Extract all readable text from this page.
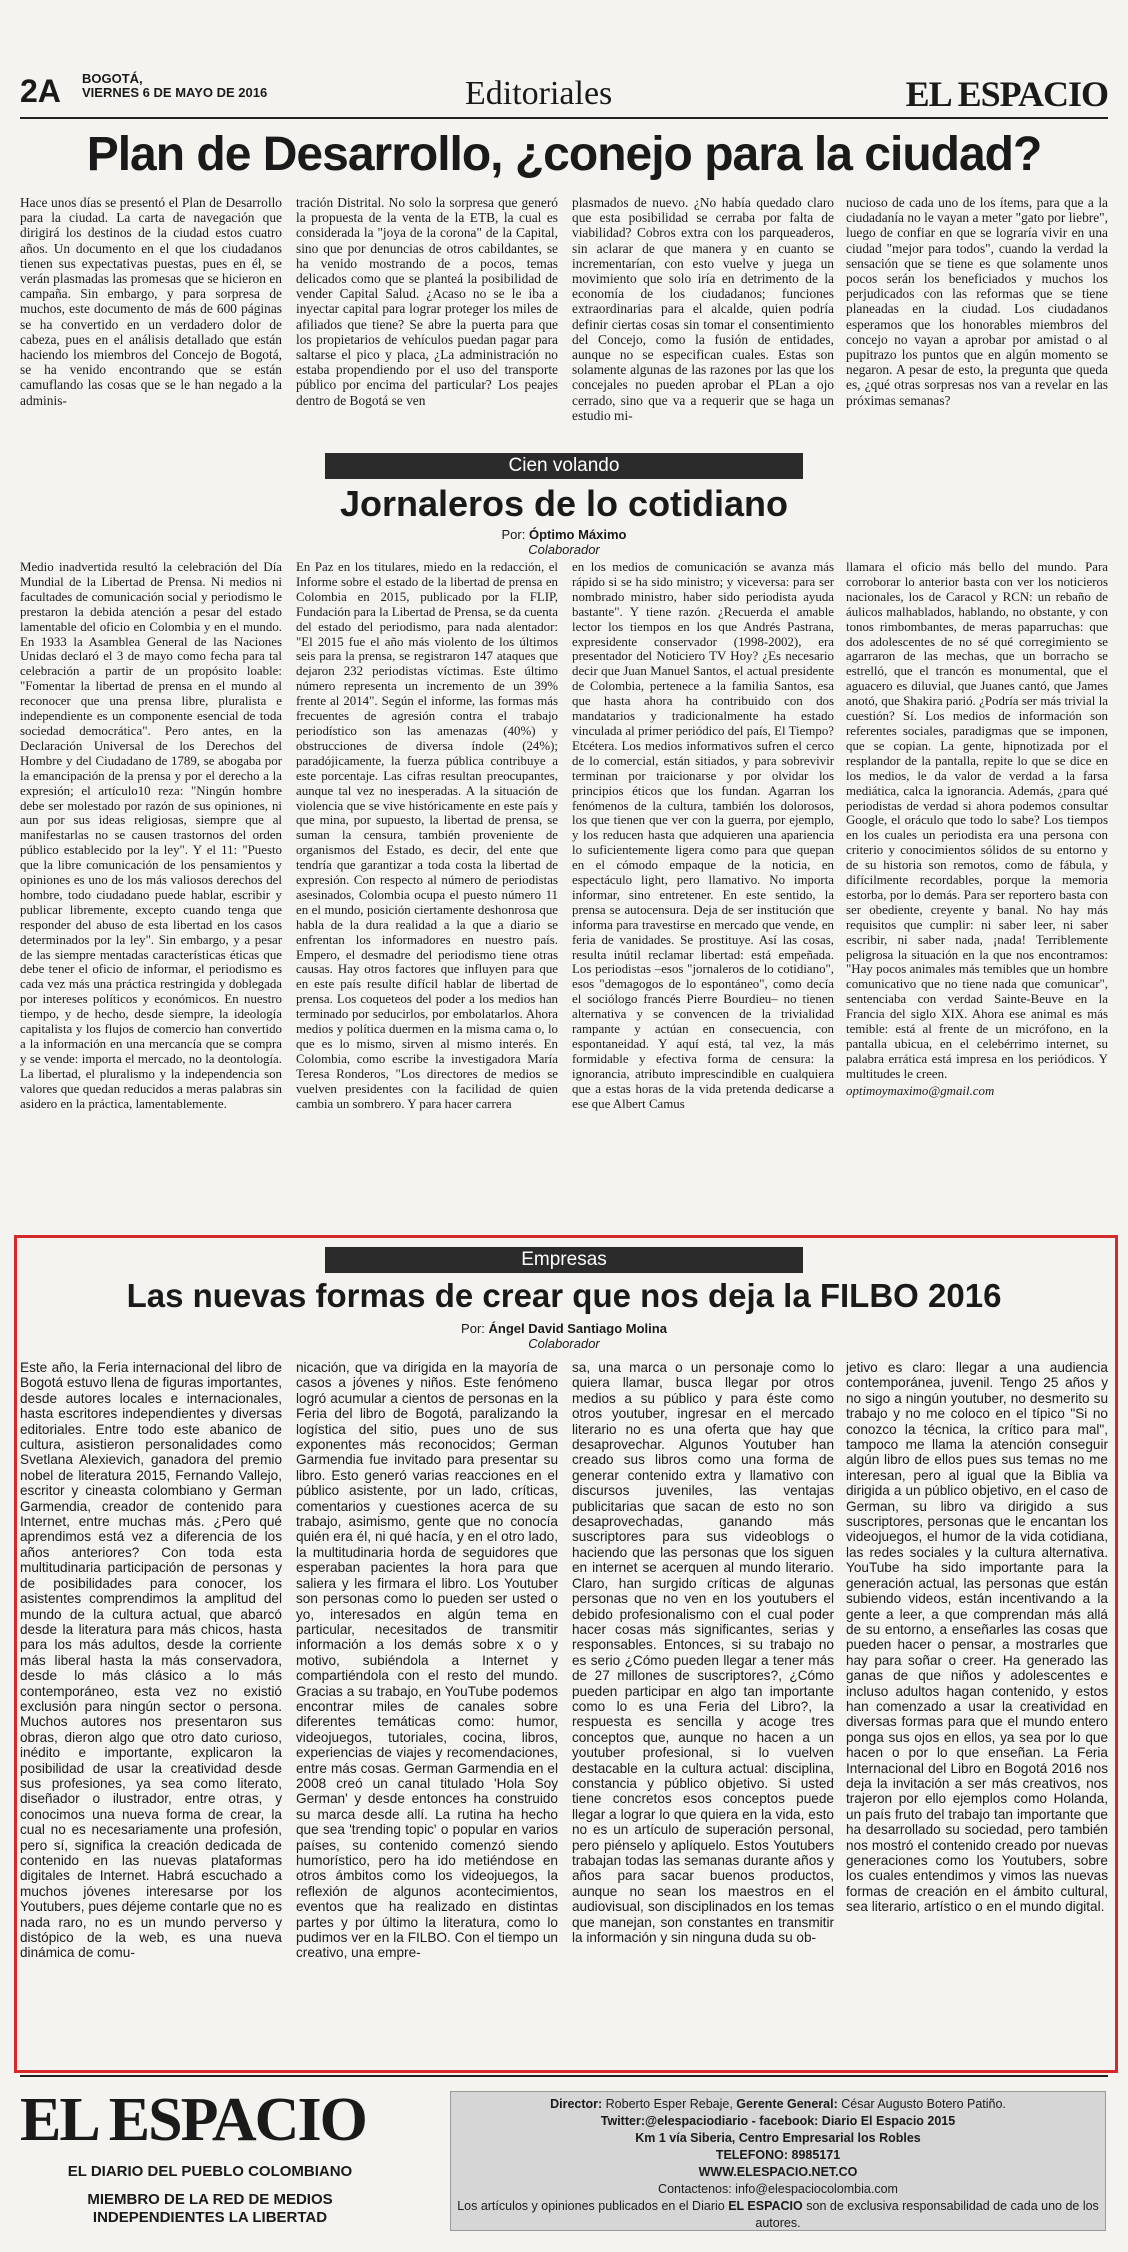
2A BOGOTÁ,
VIERNES 6 DE MAYO DE 2016	Editoriales	EL ESPACIO
Plan de Desarrollo, ¿conejo para la ciudad?

Hace unos días se presentó el Plan de Desarrollo para la ciudad. La carta de navegación que dirigirá los destinos de la ciudad estos cuatro años. Un documento en el que los ciudadanos tienen sus expectativas puestas, pues en él, se verán plasmadas las promesas que se hicieron en campaña. Sin embargo, y para sorpresa de muchos, este documento de más de 600 páginas se ha convertido en un verdadero dolor de cabeza, pues en el análisis detallado que están haciendo los miembros del Concejo de Bogotá, se ha venido encontrando que se están camuflando las cosas que se le han negado a la adminis-

tración Distrital. No solo la sorpresa que generó la propuesta de la venta de la ETB, la cual es considerada la "joya de la corona" de la Capital, sino que por denuncias de otros cabildantes, se ha venido mostrando de a pocos, temas delicados como que se planteá la posibilidad de vender Capital Salud. ¿Acaso no se le iba a inyectar capital para lograr proteger los miles de afiliados que tiene? Se abre la puerta para que los propietarios de vehículos puedan pagar para saltarse el pico y placa, ¿La administración no estaba propendiendo por el uso del transporte público por encima del particular? Los peajes dentro de Bogotá se ven

plasmados de nuevo. ¿No había quedado claro que esta posibilidad se cerraba por falta de viabilidad? Cobros extra con los parqueaderos, sin aclarar de que manera y en cuanto se incrementarían, con esto vuelve y juega un movimiento que solo iría en detrimento de la economía de los ciudadanos; funciones extraordinarias para el alcalde, quien podría definir ciertas cosas sin tomar el consentimiento del Concejo, como la fusión de entidades, aunque no se especifican cuales. Estas son solamente algunas de las razones por las que los concejales no pueden aprobar el PLan a ojo cerrado, sino que va a requerir que se haga un estudio mi-

nucioso de cada uno de los ítems, para que a la ciudadanía no le vayan a meter "gato por liebre", luego de confiar en que se lograría vivir en una ciudad "mejor para todos", cuando la verdad la sensación que se tiene es que solamente unos pocos serán los beneficiados y muchos los perjudicados con las reformas que se tiene planeadas en la ciudad. Los ciudadanos esperamos que los honorables miembros del concejo no vayan a aprobar por amistad o al pupitrazo los puntos que en algún momento se negaron. A pesar de esto, la pregunta que queda es, ¿qué otras sorpresas nos van a revelar en las próximas semanas?

Cien volando
Jornaleros de lo cotidiano
Por: Óptimo Máximo
Colaborador

Medio inadvertida resultó la celebración del Día Mundial de la Libertad de Prensa. Ni medios ni facultades de comunicación social y periodismo le prestaron la debida atención a pesar del estado lamentable del oficio en Colombia y en el mundo. En 1933 la Asamblea General de las Naciones Unidas declaró el 3 de mayo como fecha para tal celebración a partir de un propósito loable: "Fomentar la libertad de prensa en el mundo al reconocer que una prensa libre, pluralista e independiente es un componente esencial de toda sociedad democrática". Pero antes, en la Declaración Universal de los Derechos del Hombre y del Ciudadano de 1789, se abogaba por la emancipación de la prensa y por el derecho a la expresión; el artículo10 reza: "Ningún hombre debe ser molestado por razón de sus opiniones, ni aun por sus ideas religiosas, siempre que al manifestarlas no se causen trastornos del orden público establecido por la ley". Y el 11: "Puesto que la libre comunicación de los pensamientos y opiniones es uno de los más valiosos derechos del hombre, todo ciudadano puede hablar, escribir y publicar libremente, excepto cuando tenga que responder del abuso de esta libertad en los casos determinados por la ley". Sin embargo, y a pesar de las siempre mentadas características éticas que debe tener el oficio de informar, el periodismo es cada vez más una práctica restringida y doblegada por intereses políticos y económicos. En nuestro tiempo, y de hecho, desde siempre, la ideología capitalista y los flujos de comercio han convertido a la información en una mercancía que se compra y se vende: importa el mercado, no la deontología. La libertad, el pluralismo y la independencia son valores que quedan reducidos a meras palabras sin asidero en la práctica, lamentablemente.

En Paz en los titulares, miedo en la redacción, el Informe sobre el estado de la libertad de prensa en Colombia en 2015, publicado por la FLIP, Fundación para la Libertad de Prensa, se da cuenta del estado del periodismo, para nada alentador: "El 2015 fue el año más violento de los últimos seis para la prensa, se registraron 147 ataques que dejaron 232 periodistas víctimas. Este último número representa un incremento de un 39% frente al 2014". Según el informe, las formas más frecuentes de agresión contra el trabajo periodístico son las amenazas (40%) y obstrucciones de diversa índole (24%); paradójicamente, la fuerza pública contribuye a este porcentaje. Las cifras resultan preocupantes, aunque tal vez no inesperadas. A la situación de violencia que se vive históricamente en este país y que mina, por supuesto, la libertad de prensa, se suman la censura, también proveniente de organismos del Estado, es decir, del ente que tendría que garantizar a toda costa la libertad de expresión. Con respecto al número de periodistas asesinados, Colombia ocupa el puesto número 11 en el mundo, posición ciertamente deshonrosa que habla de la dura realidad a la que a diario se enfrentan los informadores en nuestro país. Empero, el desmadre del periodismo tiene otras causas. Hay otros factores que influyen para que en este país resulte difícil hablar de libertad de prensa. Los coqueteos del poder a los medios han terminado por seducirlos, por embolatarlos. Ahora medios y política duermen en la misma cama o, lo que es lo mismo, sirven al mismo interés. En Colombia, como escribe la investigadora María Teresa Ronderos, "Los directores de medios se vuelven presidentes con la facilidad de quien cambia un sombrero. Y para hacer carrera

en los medios de comunicación se avanza más rápido si se ha sido ministro; y viceversa: para ser nombrado ministro, haber sido periodista ayuda bastante". Y tiene razón. ¿Recuerda el amable lector los tiempos en los que Andrés Pastrana, expresidente conservador (1998-2002), era presentador del Noticiero TV Hoy? ¿Es necesario decir que Juan Manuel Santos, el actual presidente de Colombia, pertenece a la familia Santos, esa que hasta ahora ha contribuido con dos mandatarios y tradicionalmente ha estado vinculada al primer periódico del país, El Tiempo? Etcétera. Los medios informativos sufren el cerco de lo comercial, están sitiados, y para sobrevivir terminan por traicionarse y por olvidar los principios éticos que los fundan. Agarran los fenómenos de la cultura, también los dolorosos, los que tienen que ver con la guerra, por ejemplo, y los reducen hasta que adquieren una apariencia lo suficientemente ligera como para que quepan en el cómodo empaque de la noticia, en espectáculo light, pero llamativo. No importa informar, sino entretener. En este sentido, la prensa se autocensura. Deja de ser institución que informa para travestirse en mercado que vende, en feria de vanidades. Se prostituye. Así las cosas, resulta inútil reclamar libertad: está empeñada. Los periodistas –esos "jornaleros de lo cotidiano", esos "demagogos de lo espontáneo", como decía el sociólogo francés Pierre Bourdieu– no tienen alternativa y se convencen de la trivialidad rampante y actúan en consecuencia, con espontaneidad. Y aquí está, tal vez, la más formidable y efectiva forma de censura: la ignorancia, atributo imprescindible en cualquiera que a estas horas de la vida pretenda dedicarse a ese que Albert Camus

llamara el oficio más bello del mundo. Para corroborar lo anterior basta con ver los noticieros nacionales, los de Caracol y RCN: un rebaño de áulicos malhablados, hablando, no obstante, y con tonos rimbombantes, de meras paparruchas: que dos adolescentes de no sé qué corregimiento se agarraron de las mechas, que un borracho se estrelló, que el trancón es monumental, que el aguacero es diluvial, que Juanes cantó, que James anotó, que Shakira parió. ¿Podría ser más trivial la cuestión? Sí. Los medios de información son referentes sociales, paradigmas que se imponen, que se copian. La gente, hipnotizada por el resplandor de la pantalla, repite lo que se dice en los medios, le da valor de verdad a la farsa mediática, calca la ignorancia. Además, ¿para qué periodistas de verdad si ahora podemos consultar Google, el oráculo que todo lo sabe? Los tiempos en los cuales un periodista era una persona con criterio y conocimientos sólidos de su entorno y de su historia son remotos, como de fábula, y difícilmente recordables, porque la memoria estorba, por lo demás. Para ser reportero basta con ser obediente, creyente y banal. No hay más requisitos que cumplir: ni saber leer, ni saber escribir, ni saber nada, ¡nada! Terriblemente peligrosa la situación en la que nos encontramos: "Hay pocos animales más temibles que un hombre comunicativo que no tiene nada que comunicar", sentenciaba con verdad Sainte-Beuve en la Francia del siglo XIX. Ahora ese animal es más temible: está al frente de un micrófono, en la pantalla ubicua, en el celebérrimo internet, su palabra errática está impresa en los periódicos. Y multitudes le creen.

optimoymaximo@gmail.com

Empresas
Las nuevas formas de crear que nos deja la FILBO 2016
Por: Ángel David Santiago Molina
Colaborador

Este año, la Feria internacional del libro de Bogotá estuvo llena de figuras importantes, desde autores locales e internacionales, hasta escritores independientes y diversas editoriales. Entre todo este abanico de cultura, asistieron personalidades como Svetlana Alexievich, ganadora del premio nobel de literatura 2015, Fernando Vallejo, escritor y cineasta colombiano y German Garmendia, creador de contenido para Internet, entre muchas más. ¿Pero qué aprendimos está vez a diferencia de los años anteriores? Con toda esta multitudinaria participación de personas y de posibilidades para conocer, los asistentes comprendimos la amplitud del mundo de la cultura actual, que abarcó desde la literatura para más chicos, hasta para los más adultos, desde la corriente más liberal hasta la más conservadora, desde lo más clásico a lo más contemporáneo, esta vez no existió exclusión para ningún sector o persona. Muchos autores nos presentaron sus obras, dieron algo que otro dato curioso, inédito e importante, explicaron la posibilidad de usar la creatividad desde sus profesiones, ya sea como literato, diseñador o ilustrador, entre otras, y conocimos una nueva forma de crear, la cual no es necesariamente una profesión, pero sí, significa la creación dedicada de contenido en las nuevas plataformas digitales de Internet. Habrá escuchado a muchos jóvenes interesarse por los Youtubers, pues déjeme contarle que no es nada raro, no es un mundo perverso y distópico de la web, es una nueva dinámica de comu-

nicación, que va dirigida en la mayoría de casos a jóvenes y niños. Este fenómeno logró acumular a cientos de personas en la Feria del libro de Bogotá, paralizando la logística del sitio, pues uno de sus exponentes más reconocidos; German Garmendia fue invitado para presentar su libro. Esto generó varias reacciones en el público asistente, por un lado, críticas, comentarios y cuestiones acerca de su trabajo, asimismo, gente que no conocía quién era él, ni qué hacía, y en el otro lado, la multitudinaria horda de seguidores que esperaban pacientes la hora para que saliera y les firmara el libro. Los Youtuber son personas como lo pueden ser usted o yo, interesados en algún tema en particular, necesitados de transmitir información a los demás sobre x o y motivo, subiéndola a Internet y compartiéndola con el resto del mundo. Gracias a su trabajo, en YouTube podemos encontrar miles de canales sobre diferentes temáticas como: humor, videojuegos, tutoriales, cocina, libros, experiencias de viajes y recomendaciones, entre más cosas. German Garmendia en el 2008 creó un canal titulado 'Hola Soy German' y desde entonces ha construido su marca desde allí. La rutina ha hecho que sea 'trending topic' o popular en varios países, su contenido comenzó siendo humorístico, pero ha ido metiéndose en otros ámbitos como los videojuegos, la reflexión de algunos acontecimientos, eventos que ha realizado en distintas partes y por último la literatura, como lo pudimos ver en la FILBO. Con el tiempo un creativo, una empre-

sa, una marca o un personaje como lo quiera llamar, busca llegar por otros medios a su público y para éste como otros youtuber, ingresar en el mercado literario no es una oferta que hay que desaprovechar. Algunos Youtuber han creado sus libros como una forma de generar contenido extra y llamativo con discursos juveniles, las ventajas publicitarias que sacan de esto no son desaprovechadas, ganando más suscriptores para sus videoblogs o haciendo que las personas que los siguen en internet se acerquen al mundo literario. Claro, han surgido críticas de algunas personas que no ven en los youtubers el debido profesionalismo con el cual poder hacer cosas más significantes, serias y responsables. Entonces, si su trabajo no es serio ¿Cómo pueden llegar a tener más de 27 millones de suscriptores?, ¿Cómo pueden participar en algo tan importante como lo es una Feria del Libro?, la respuesta es sencilla y acoge tres conceptos que, aunque no hacen a un youtuber profesional, si lo vuelven destacable en la cultura actual: disciplina, constancia y público objetivo. Si usted tiene concretos esos conceptos puede llegar a lograr lo que quiera en la vida, esto no es un artículo de superación personal, pero piénselo y aplíquelo. Estos Youtubers trabajan todas las semanas durante años y años para sacar buenos productos, aunque no sean los maestros en el audiovisual, son disciplinados en los temas que manejan, son constantes en transmitir la información y sin ninguna duda su ob-

jetivo es claro: llegar a una audiencia contemporánea, juvenil. Tengo 25 años y no sigo a ningún youtuber, no desmerito su trabajo y no me coloco en el típico "Si no conozco la técnica, la crítico para mal", tampoco me llama la atención conseguir algún libro de ellos pues sus temas no me interesan, pero al igual que la Biblia va dirigida a un público objetivo, en el caso de German, su libro va dirigido a sus suscriptores, personas que le encantan los videojuegos, el humor de la vida cotidiana, las redes sociales y la cultura alternativa. YouTube ha sido importante para la generación actual, las personas que están subiendo videos, están incentivando a la gente a leer, a que comprendan más allá de su entorno, a enseñarles las cosas que pueden hacer o pensar, a mostrarles que hay para soñar o creer. Ha generado las ganas de que niños y adolescentes e incluso adultos hagan contenido, y estos han comenzado a usar la creatividad en diversas formas para que el mundo entero ponga sus ojos en ellos, ya sea por lo que hacen o por lo que enseñan. La Feria Internacional del Libro en Bogotá 2016 nos deja la invitación a ser más creativos, nos trajeron por ello ejemplos como Holanda, un país fruto del trabajo tan importante que ha desarrollado su sociedad, pero también nos mostró el contenido creado por nuevas generaciones como los Youtubers, sobre los cuales entendimos y vimos las nuevas formas de creación en el ámbito cultural, sea literario, artístico o en el mundo digital.

EL ESPACIO
EL DIARIO DEL PUEBLO COLOMBIANO
MIEMBRO DE LA RED DE MEDIOS
INDEPENDIENTES LA LIBERTAD
Director: Roberto Esper Rebaje, Gerente General: César Augusto Botero Patiño.
Twitter:@elespaciodiario - facebook: Diario El Espacio 2015
Km 1 vía Siberia, Centro Empresarial los Robles
TELEFONO: 8985171
WWW.ELESPACIO.NET.CO
Contactenos: info@elespaciocolombia.com
Los artículos y opiniones publicados en el Diario EL ESPACIO son de exclusiva responsabilidad de cada uno de los autores.
